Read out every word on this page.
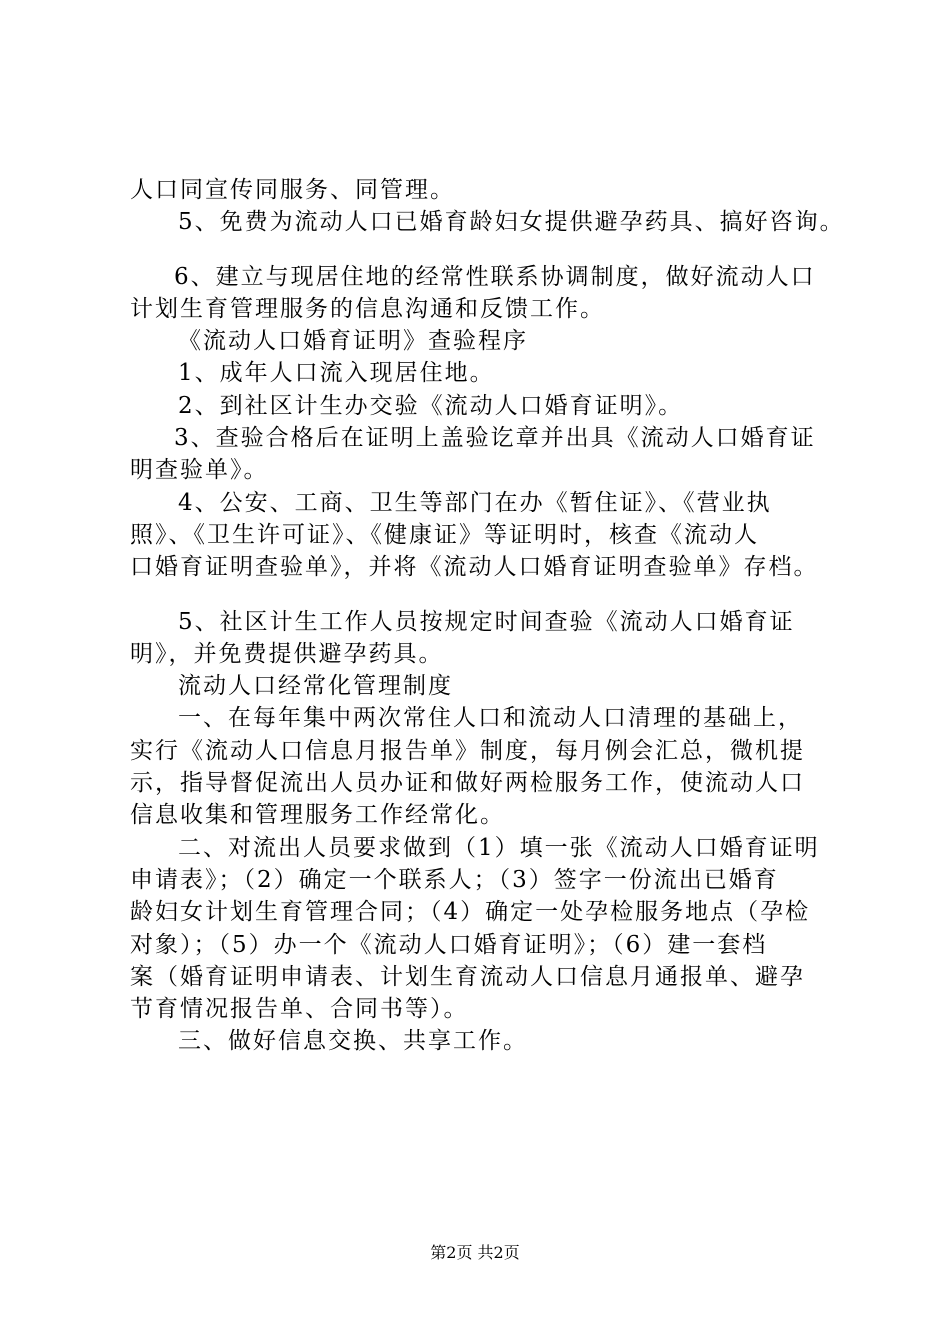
人口同宣传同服务、同管理。
5、免费为流动人口已婚育龄妇女提供避孕药具、搞好咨询。
6、建立与现居住地的经常性联系协调制度，做好流动人口
计划生育管理服务的信息沟通和反馈工作。
《流动人口婚育证明》查验程序
1、成年人口流入现居住地。
2、到社区计生办交验《流动人口婚育证明》。
3、查验合格后在证明上盖验讫章并出具《流动人口婚育证
明查验单》。
4、公安、工商、卫生等部门在办《暂住证》、《营业执
照》、《卫生许可证》、《健康证》等证明时，核查《流动人
口婚育证明查验单》，并将《流动人口婚育证明查验单》存档。
5、社区计生工作人员按规定时间查验《流动人口婚育证
明》，并免费提供避孕药具。
流动人口经常化管理制度
一、在每年集中两次常住人口和流动人口清理的基础上，
实行《流动人口信息月报告单》制度，每月例会汇总，微机提
示，指导督促流出人员办证和做好两检服务工作，使流动人口
信息收集和管理服务工作经常化。
二、对流出人员要求做到（1）填一张《流动人口婚育证明
申请表》；（2）确定一个联系人；（3）签字一份流出已婚育
龄妇女计划生育管理合同；（4）确定一处孕检服务地点（孕检
对象）；（5）办一个《流动人口婚育证明》；（6）建一套档
案（婚育证明申请表、计划生育流动人口信息月通报单、避孕
节育情况报告单、合同书等）。
三、做好信息交换、共享工作。
第2页 共2页
